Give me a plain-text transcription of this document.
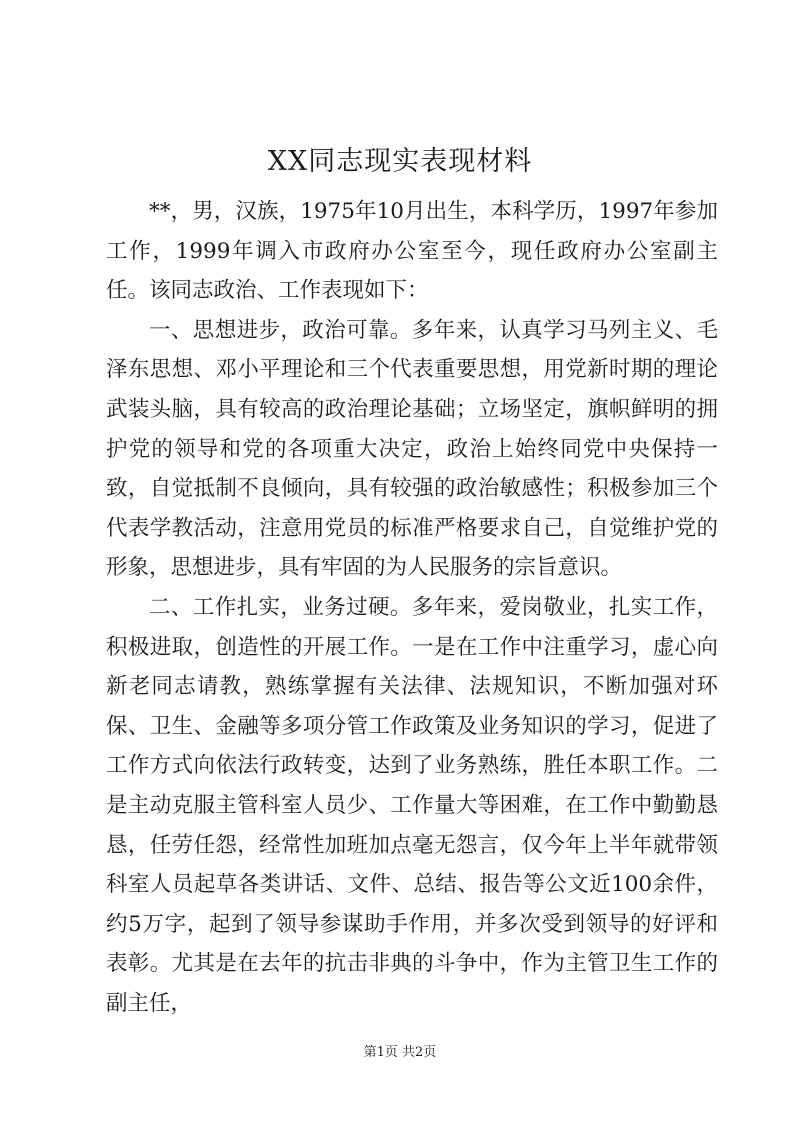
XX同志现实表现材料

**，男，汉族，1975年10月出生，本科学历，1997年参加工作，1999年调入市政府办公室至今，现任政府办公室副主任。该同志政治、工作表现如下：

一、思想进步，政治可靠。多年来，认真学习马列主义、毛泽东思想、邓小平理论和三个代表重要思想，用党新时期的理论武装头脑，具有较高的政治理论基础；立场坚定，旗帜鲜明的拥护党的领导和党的各项重大决定，政治上始终同党中央保持一致，自觉抵制不良倾向，具有较强的政治敏感性；积极参加三个代表学教活动，注意用党员的标准严格要求自己，自觉维护党的形象，思想进步，具有牢固的为人民服务的宗旨意识。

二、工作扎实，业务过硬。多年来，爱岗敬业，扎实工作，积极进取，创造性的开展工作。一是在工作中注重学习，虚心向新老同志请教，熟练掌握有关法律、法规知识，不断加强对环保、卫生、金融等多项分管工作政策及业务知识的学习，促进了工作方式向依法行政转变，达到了业务熟练，胜任本职工作。二是主动克服主管科室人员少、工作量大等困难，在工作中勤勤恳恳，任劳任怨，经常性加班加点毫无怨言，仅今年上半年就带领科室人员起草各类讲话、文件、总结、报告等公文近100余件，约5万字，起到了领导参谋助手作用，并多次受到领导的好评和表彰。尤其是在去年的抗击非典的斗争中，作为主管卫生工作的副主任，

第1页 共2页
